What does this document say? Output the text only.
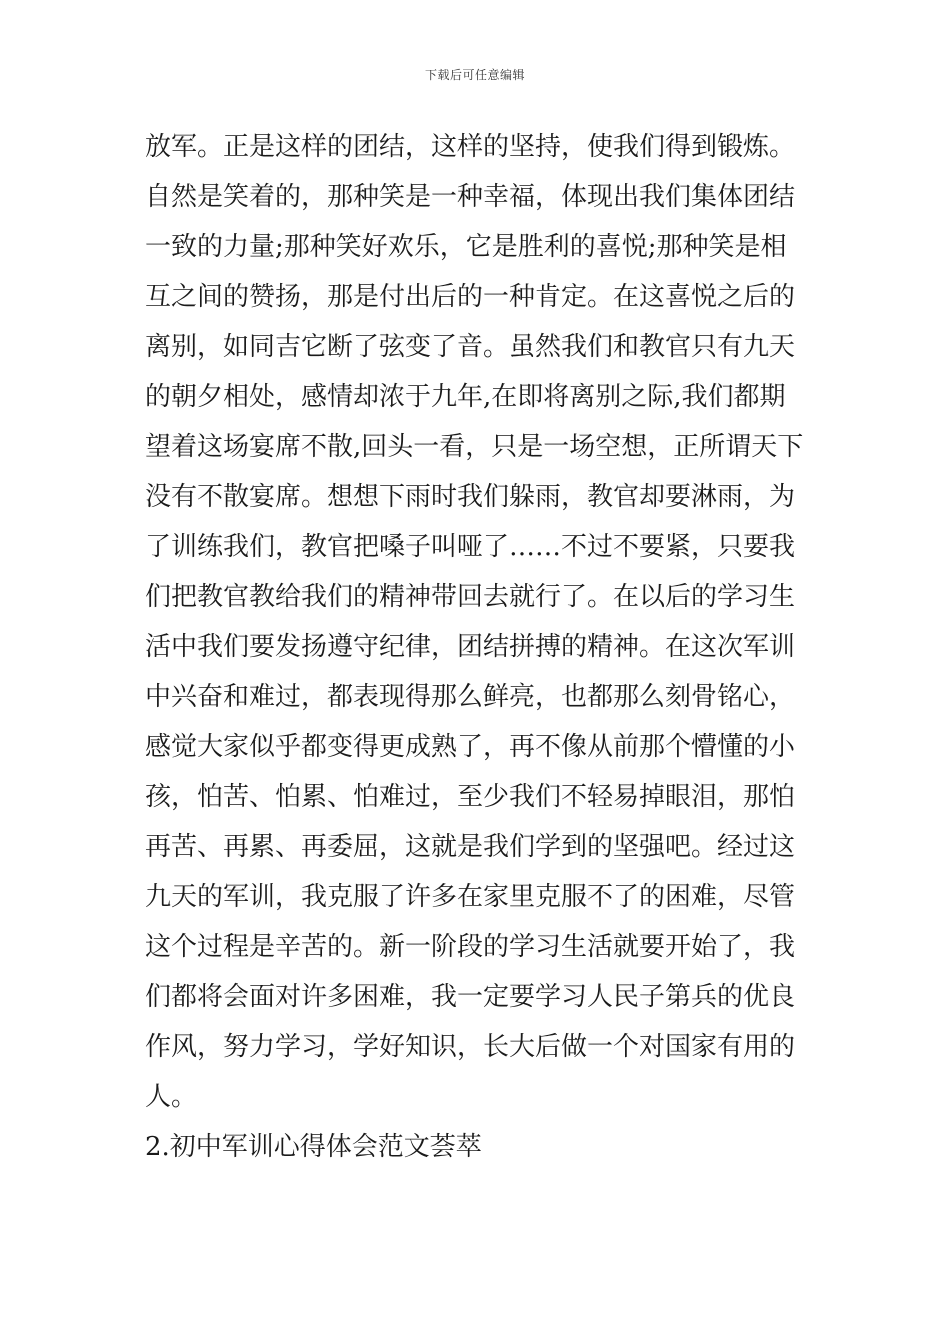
下载后可任意编辑
放军。正是这样的团结，这样的坚持，使我们得到锻炼。
自然是笑着的，那种笑是一种幸福，体现出我们集体团结
一致的力量;那种笑好欢乐，它是胜利的喜悦;那种笑是相
互之间的赞扬，那是付出后的一种肯定。在这喜悦之后的
离别，如同吉它断了弦变了音。虽然我们和教官只有九天
的朝夕相处，感情却浓于九年,在即将离别之际,我们都期
望着这场宴席不散,回头一看，只是一场空想，正所谓天下
没有不散宴席。想想下雨时我们躲雨，教官却要淋雨，为
了训练我们，教官把嗓子叫哑了……不过不要紧，只要我
们把教官教给我们的精神带回去就行了。在以后的学习生
活中我们要发扬遵守纪律，团结拼搏的精神。在这次军训
中兴奋和难过，都表现得那么鲜亮，也都那么刻骨铭心，
感觉大家似乎都变得更成熟了，再不像从前那个懵懂的小
孩，怕苦、怕累、怕难过，至少我们不轻易掉眼泪，那怕
再苦、再累、再委屈，这就是我们学到的坚强吧。经过这
九天的军训，我克服了许多在家里克服不了的困难，尽管
这个过程是辛苦的。新一阶段的学习生活就要开始了，我
们都将会面对许多困难，我一定要学习人民子第兵的优良
作风，努力学习，学好知识，长大后做一个对国家有用的
人。
2.初中军训心得体会范文荟萃
